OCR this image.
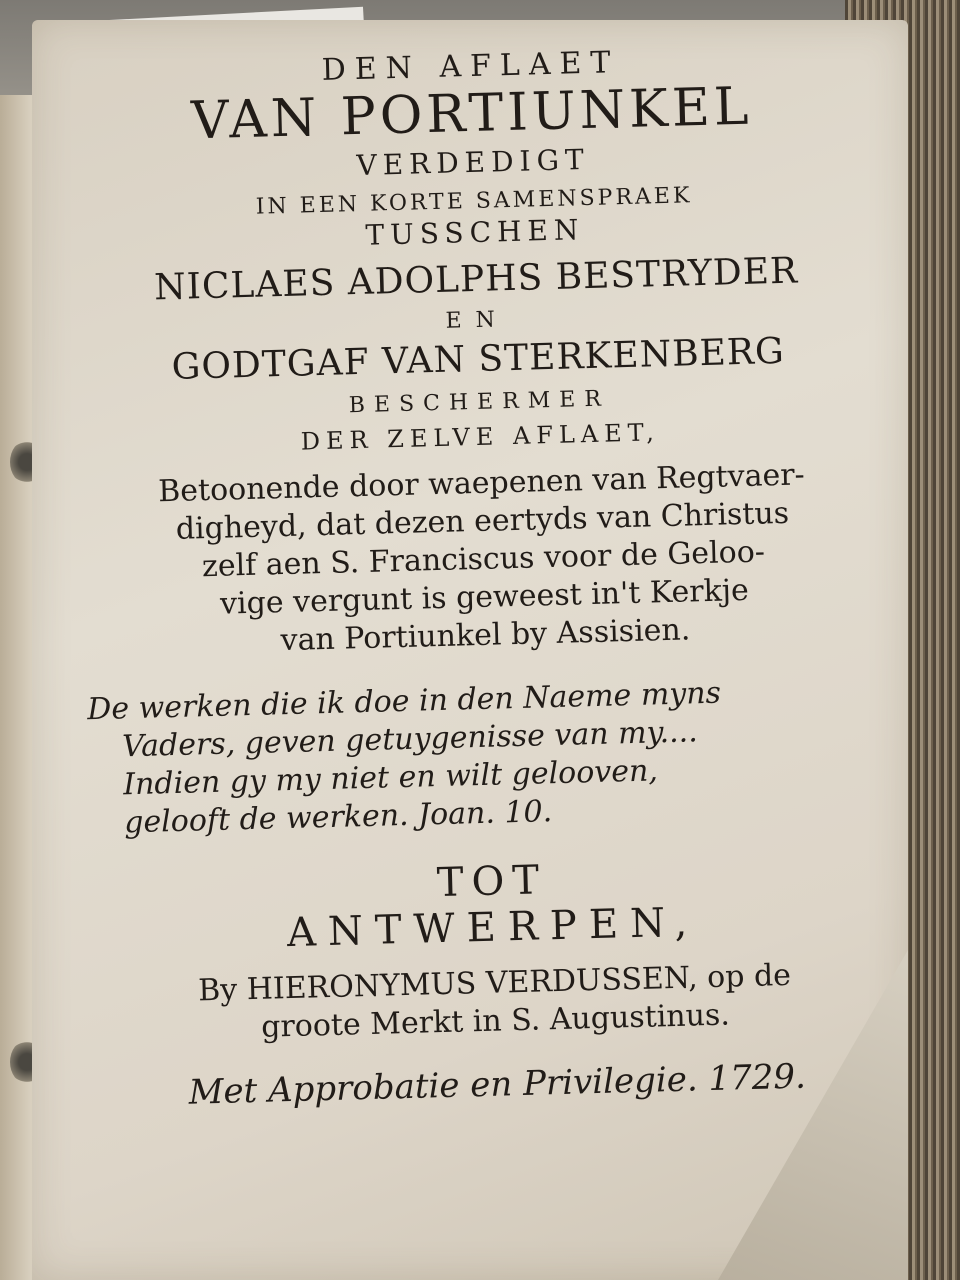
DEN AFLAET
VAN PORTIUNKEL
VERDEDIGT
IN EEN KORTE SAMENSPRAEK
TUSSCHEN
NICLAES ADOLPHS BESTRYDER
EN
GODTGAF VAN STERKENBERG
BESCHERMER
DER ZELVE AFLAET,
Betoonende door waepenen van Regtvaer-
digheyd, dat dezen eertyds van Christus
zelf aen S. Franciscus voor de Geloo-
vige vergunt is geweest in't Kerkje
van Portiunkel by Assisien.
De werken die ik doe in den Naeme myns
Vaders, geven getuygenisse van my....
Indien gy my niet en wilt gelooven,
gelooft de werken. Joan. 10.
TOT
ANTWERPEN,
By HIERONYMUS VERDUSSEN, op de
groote Merkt in S. Augustinus.
Met Approbatie en Privilegie. 1729.
